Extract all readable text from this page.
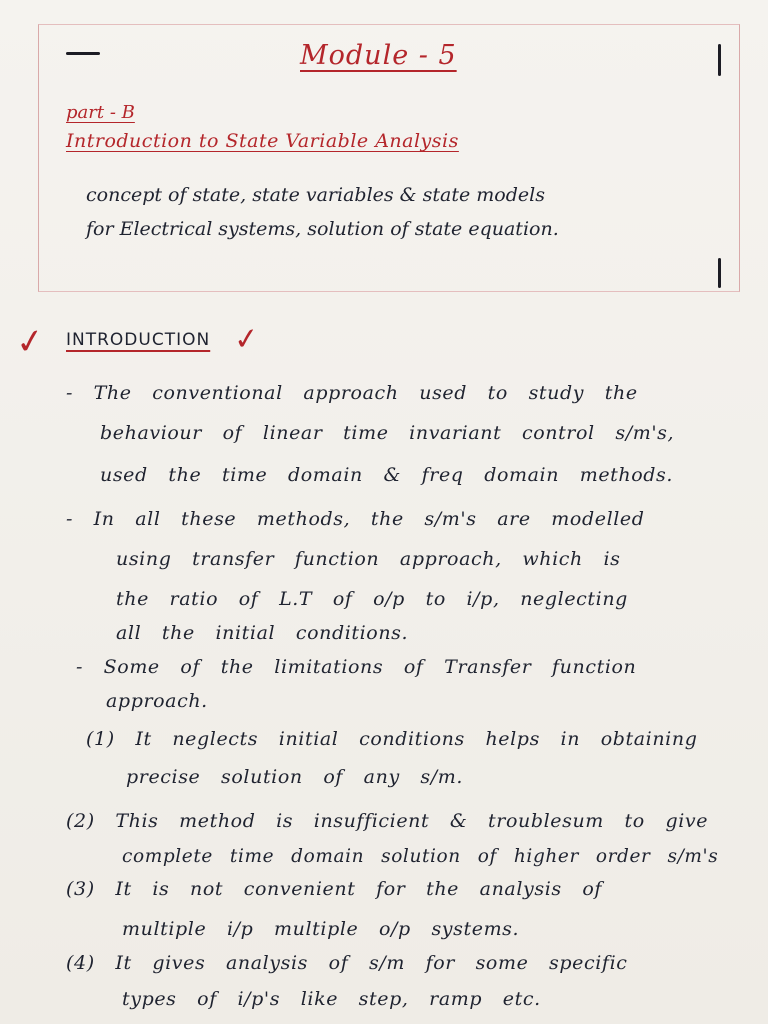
Module - 5
part - B
Introduction to State Variable Analysis
concept of state, state variables & state models
for Electrical systems, solution of state equation.
✓ INTRODUCTION ✓
- The conventional approach used to study the
behaviour of linear time invariant control s/m's,
used the time domain & freq domain methods.
- In all these methods, the s/m's are modelled
using transfer function approach, which is
the ratio of L.T of o/p to i/p, neglecting
all the initial conditions.
- Some of the limitations of Transfer function
approach.
(1) It neglects initial conditions helps in obtaining
precise solution of any s/m.
(2) This method is insufficient & troublesum to give
complete time domain solution of higher order s/m's
(3) It is not convenient for the analysis of
multiple i/p multiple o/p systems.
(4) It gives analysis of s/m for some specific
types of i/p's like step, ramp etc.
